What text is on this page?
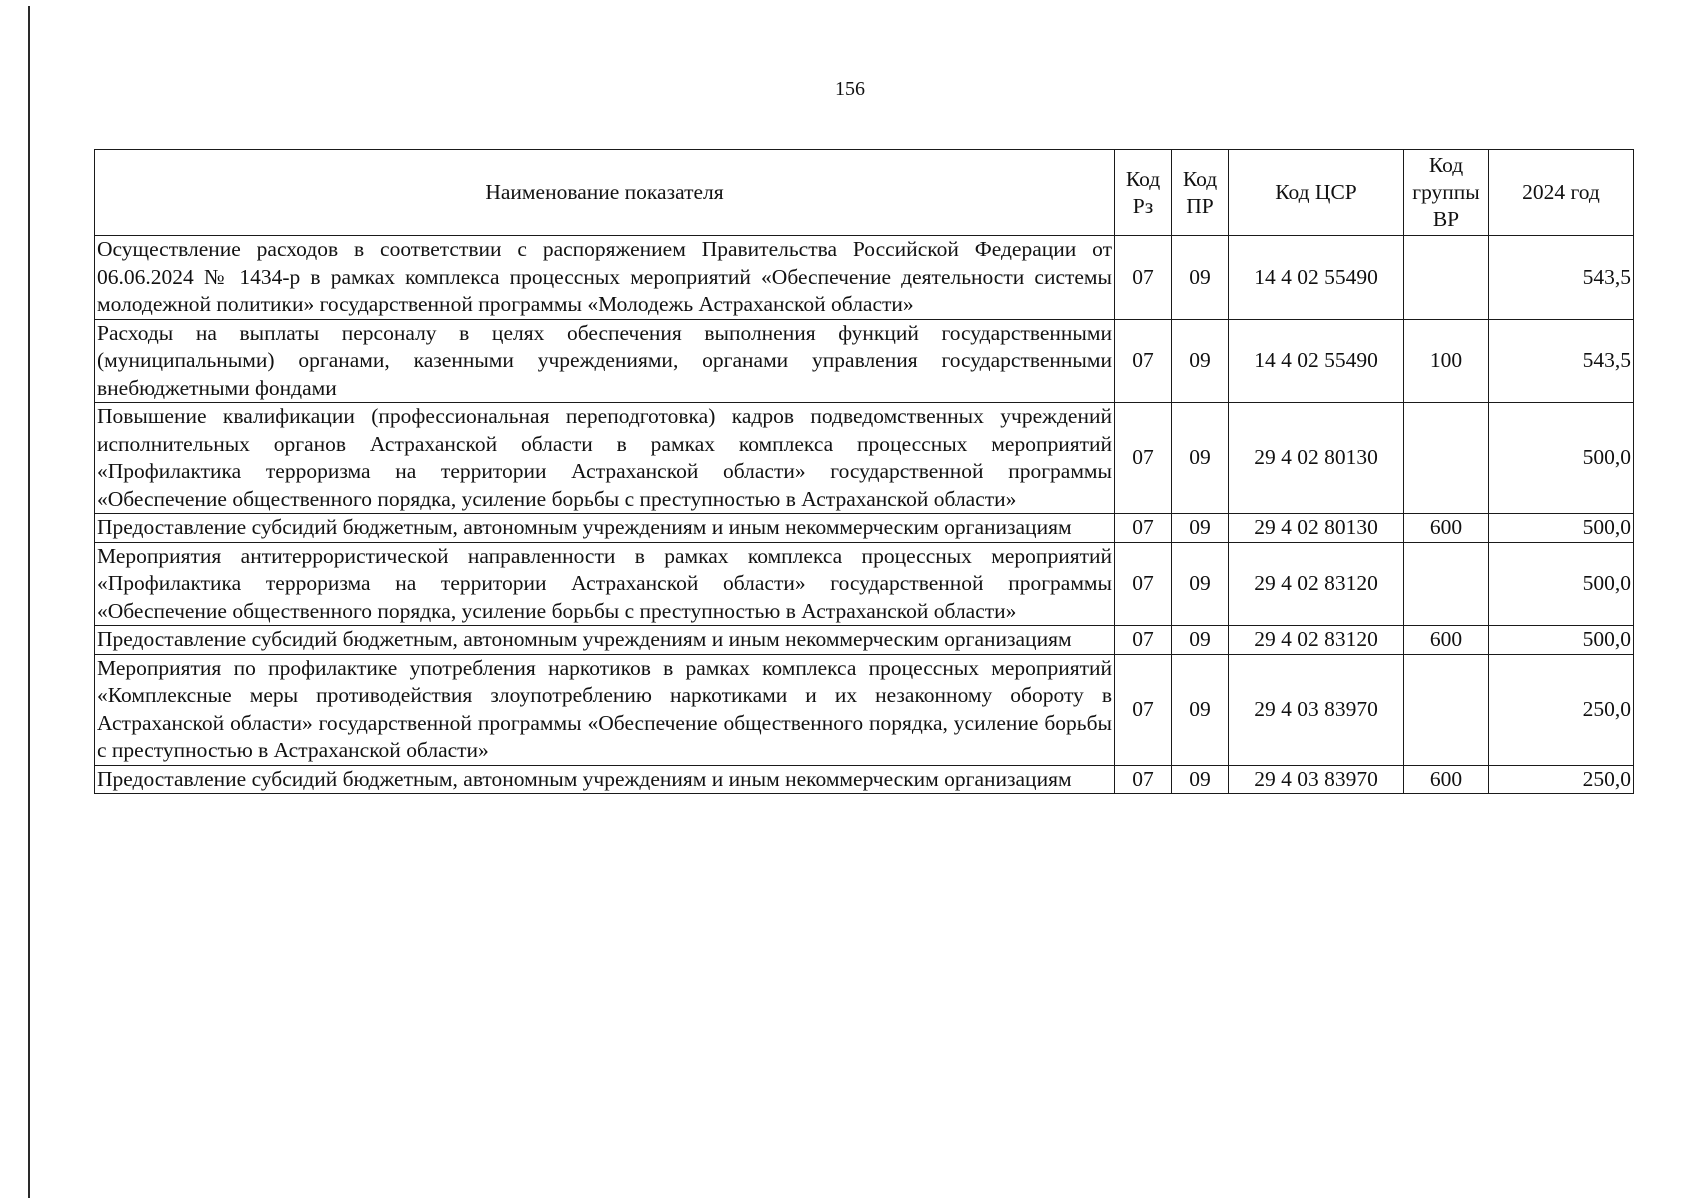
156
Наименование показателя	Код Рз	Код ПР	Код ЦСР	Код группы ВР	2024 год
Осуществление расходов в соответствии с распоряжением Правительства Российской Федерации от 06.06.2024 № 1434-р в рамках комплекса процессных мероприятий «Обеспечение деятельности системы молодежной политики» государственной программы «Молодежь Астраханской области»	07	09	14 4 02 55490		543,5
Расходы на выплаты персоналу в целях обеспечения выполнения функций государственными (муниципальными) органами, казенными учреждениями, органами управления государственными внебюджетными фондами	07	09	14 4 02 55490	100	543,5
Повышение квалификации (профессиональная переподготовка) кадров подведомственных учреждений исполнительных органов Астраханской области в рамках комплекса процессных мероприятий «Профилактика терроризма на территории Астраханской области» государственной программы «Обеспечение общественного порядка, усиление борьбы с преступностью в Астраханской области»	07	09	29 4 02 80130		500,0
Предоставление субсидий бюджетным, автономным учреждениям и иным некоммерческим организациям	07	09	29 4 02 80130	600	500,0
Мероприятия антитеррористической направленности в рамках комплекса процессных мероприятий «Профилактика терроризма на территории Астраханской области» государственной программы «Обеспечение общественного порядка, усиление борьбы с преступностью в Астраханской области»	07	09	29 4 02 83120		500,0
Предоставление субсидий бюджетным, автономным учреждениям и иным некоммерческим организациям	07	09	29 4 02 83120	600	500,0
Мероприятия по профилактике употребления наркотиков в рамках комплекса процессных мероприятий «Комплексные меры противодействия злоупотреблению наркотиками и их незаконному обороту в Астраханской области» государственной программы «Обеспечение общественного порядка, усиление борьбы с преступностью в Астраханской области»	07	09	29 4 03 83970		250,0
Предоставление субсидий бюджетным, автономным учреждениям и иным некоммерческим организациям	07	09	29 4 03 83970	600	250,0
